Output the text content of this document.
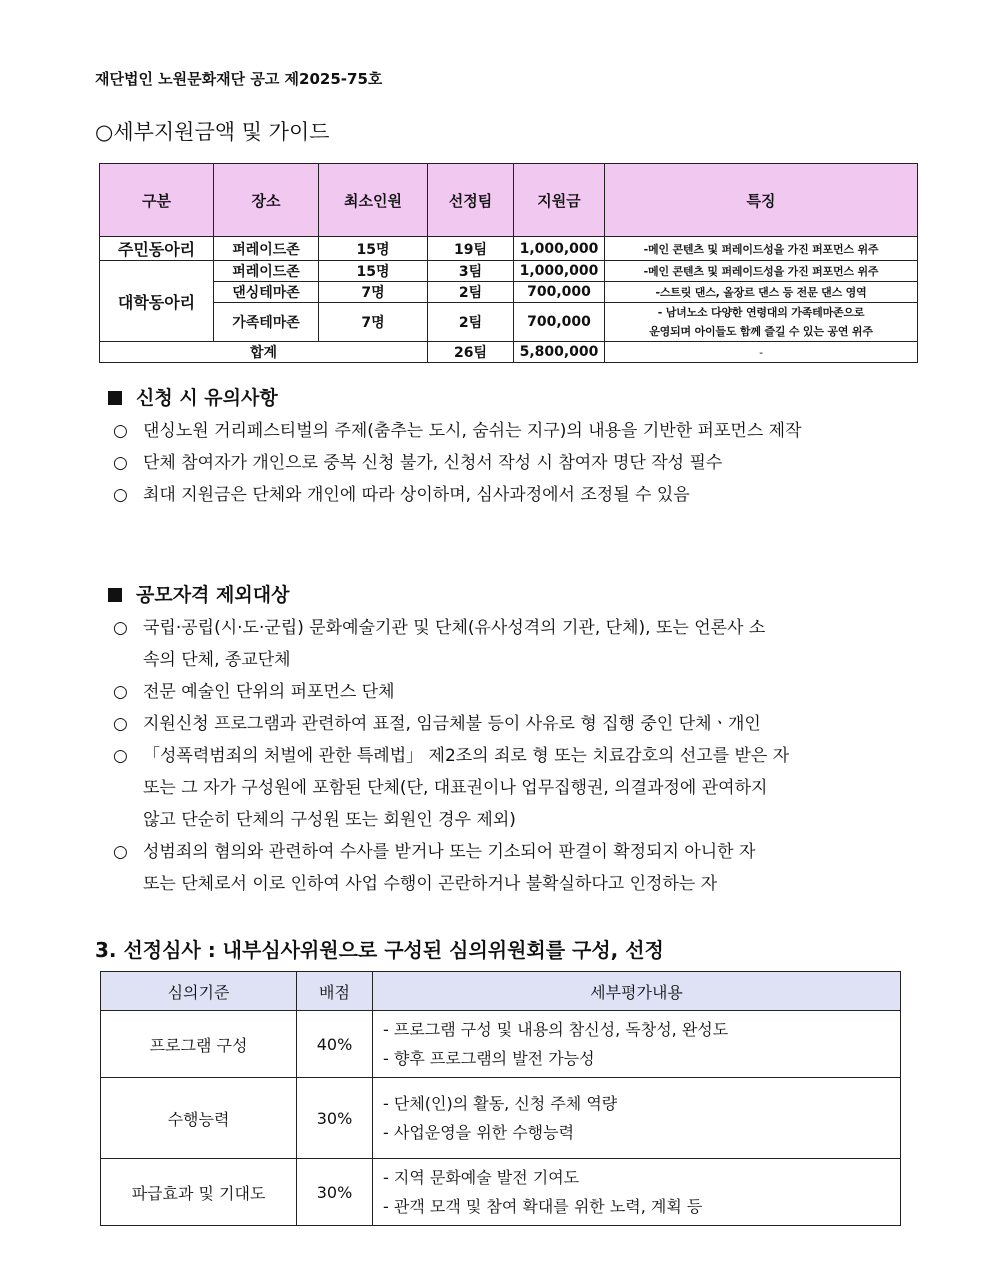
재단법인 노원문화재단 공고 제2025-75호
○세부지원금액 및 가이드
구분	장소	최소인원	선정팀	지원금	특징
주민동아리	퍼레이드존	15명	19팀	1,000,000	-메인 콘텐츠 및 퍼레이드성을 가진 퍼포먼스 위주
대학동아리	퍼레이드존	15명	3팀	1,000,000	-메인 콘텐츠 및 퍼레이드성을 가진 퍼포먼스 위주
	댄싱테마존	7명	2팀	700,000	-스트릿 댄스, 올장르 댄스 등 전문 댄스 영역
	가족테마존	7명	2팀	700,000	- 남녀노소 다양한 연령대의 가족테마존으로
운영되며 아이들도 함께 즐길 수 있는 공연 위주

합계			26팀	5,800,000	-
신청 시 유의사항
○ 댄싱노원 거리페스티벌의 주제(춤추는 도시, 숨쉬는 지구)의 내용을 기반한 퍼포먼스 제작
○ 단체 참여자가 개인으로 중복 신청 불가, 신청서 작성 시 참여자 명단 작성 필수
○ 최대 지원금은 단체와 개인에 따라 상이하며, 심사과정에서 조정될 수 있음
공모자격 제외대상
○ 국립·공립(시·도·군립) 문화예술기관 및 단체(유사성격의 기관, 단체), 또는 언론사 소
속의 단체, 종교단체
○ 전문 예술인 단위의 퍼포먼스 단체
○ 지원신청 프로그램과 관련하여 표절, 임금체불 등이 사유로 형 집행 중인 단체ㆍ개인
○ 「성폭력범죄의 처벌에 관한 특례법」 제2조의 죄로 형 또는 치료감호의 선고를 받은 자
또는 그 자가 구성원에 포함된 단체(단, 대표권이나 업무집행권, 의결과정에 관여하지
않고 단순히 단체의 구성원 또는 회원인 경우 제외)
○ 성범죄의 혐의와 관련하여 수사를 받거나 또는 기소되어 판결이 확정되지 아니한 자
또는 단체로서 이로 인하여 사업 수행이 곤란하거나 불확실하다고 인정하는 자
3. 선정심사 : 내부심사위원으로 구성된 심의위원회를 구성, 선정
심의기준	배점	세부평가내용
프로그램 구성	40%	- 프로그램 구성 및 내용의 참신성, 독창성, 완성도
- 향후 프로그램의 발전 가능성

수행능력	30%	- 단체(인)의 활동, 신청 주체 역량
- 사업운영을 위한 수행능력

파급효과 및 기대도	30%	- 지역 문화예술 발전 기여도
- 관객 모객 및 참여 확대를 위한 노력, 계획 등
